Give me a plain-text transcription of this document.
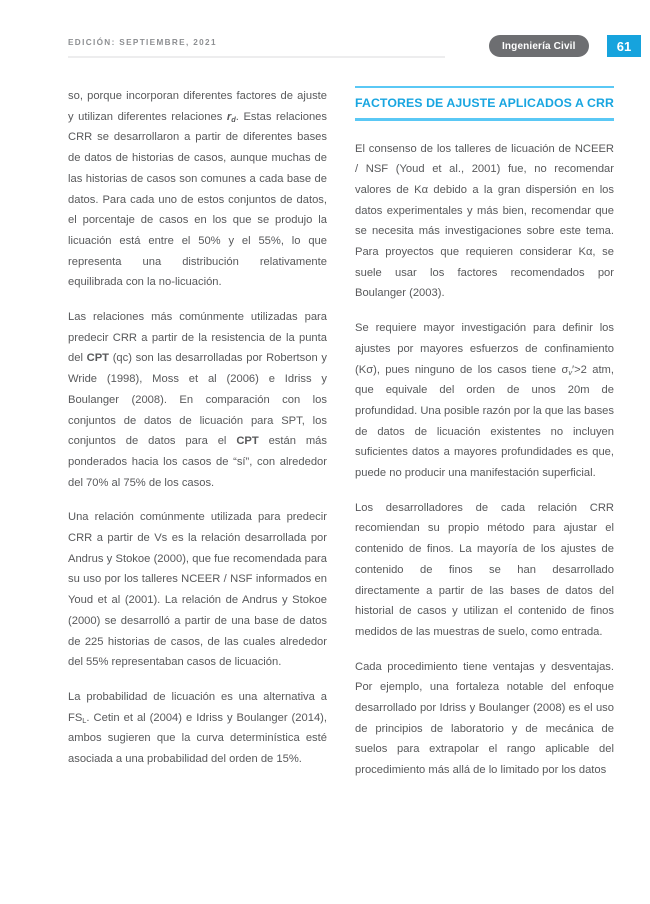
EDICIÓN: SEPTIEMBRE, 2021	Ingeniería Civil	61

so, porque incorporan diferentes factores de ajuste y utilizan diferentes relaciones $r_d$. Estas relaciones CRR se desarrollaron a partir de diferentes bases de datos de historias de casos, aunque muchas de las historias de casos son comunes a cada base de datos. Para cada uno de estos conjuntos de datos, el porcentaje de casos en los que se produjo la licuación está entre el 50% y el 55%, lo que representa una distribución relativamente equilibrada con la no-licuación.

Las relaciones más comúnmente utilizadas para predecir CRR a partir de la resistencia de la punta del CPT (qc) son las desarrolladas por Robertson y Wride (1998), Moss et al (2006) e Idriss y Boulanger (2008). En comparación con los conjuntos de datos de licuación para SPT, los conjuntos de datos para el CPT están más ponderados hacia los casos de “sí”, con alrededor del 70% al 75% de los casos.

Una relación comúnmente utilizada para predecir CRR a partir de Vs es la relación desarrollada por Andrus y Stokoe (2000), que fue recomendada para su uso por los talleres NCEER / NSF informados en Youd et al (2001). La relación de Andrus y Stokoe (2000) se desarrolló a partir de una base de datos de 225 historias de casos, de las cuales alrededor del 55% representaban casos de licuación.

La probabilidad de licuación es una alternativa a $FS_L$. Cetin et al (2004) e Idriss y Boulanger (2014), ambos sugieren que la curva determinística esté asociada a una probabilidad del orden de 15%.

FACTORES DE AJUSTE APLICADOS A CRR

El consenso de los talleres de licuación de NCEER / NSF (Youd et al., 2001) fue, no recomendar valores de Kα debido a la gran dispersión en los datos experimentales y más bien, recomendar que se necesita más investigaciones sobre este tema. Para proyectos que requieren considerar Kα, se suele usar los factores recomendados por Boulanger (2003).

Se requiere mayor investigación para definir los ajustes por mayores esfuerzos de confinamiento (Kσ), pues ninguno de los casos tiene $\sigma_v'>2$ atm, que equivale del orden de unos 20m de profundidad. Una posible razón por la que las bases de datos de licuación existentes no incluyen suficientes datos a mayores profundidades es que, puede no producir una manifestación superficial.

Los desarrolladores de cada relación CRR recomiendan su propio método para ajustar el contenido de finos. La mayoría de los ajustes de contenido de finos se han desarrollado directamente a partir de las bases de datos del historial de casos y utilizan el contenido de finos medidos de las muestras de suelo, como entrada.

Cada procedimiento tiene ventajas y desventajas. Por ejemplo, una fortaleza notable del enfoque desarrollado por Idriss y Boulanger (2008) es el uso de principios de laboratorio y de mecánica de suelos para extrapolar el rango aplicable del procedimiento más allá de lo limitado por los datos
